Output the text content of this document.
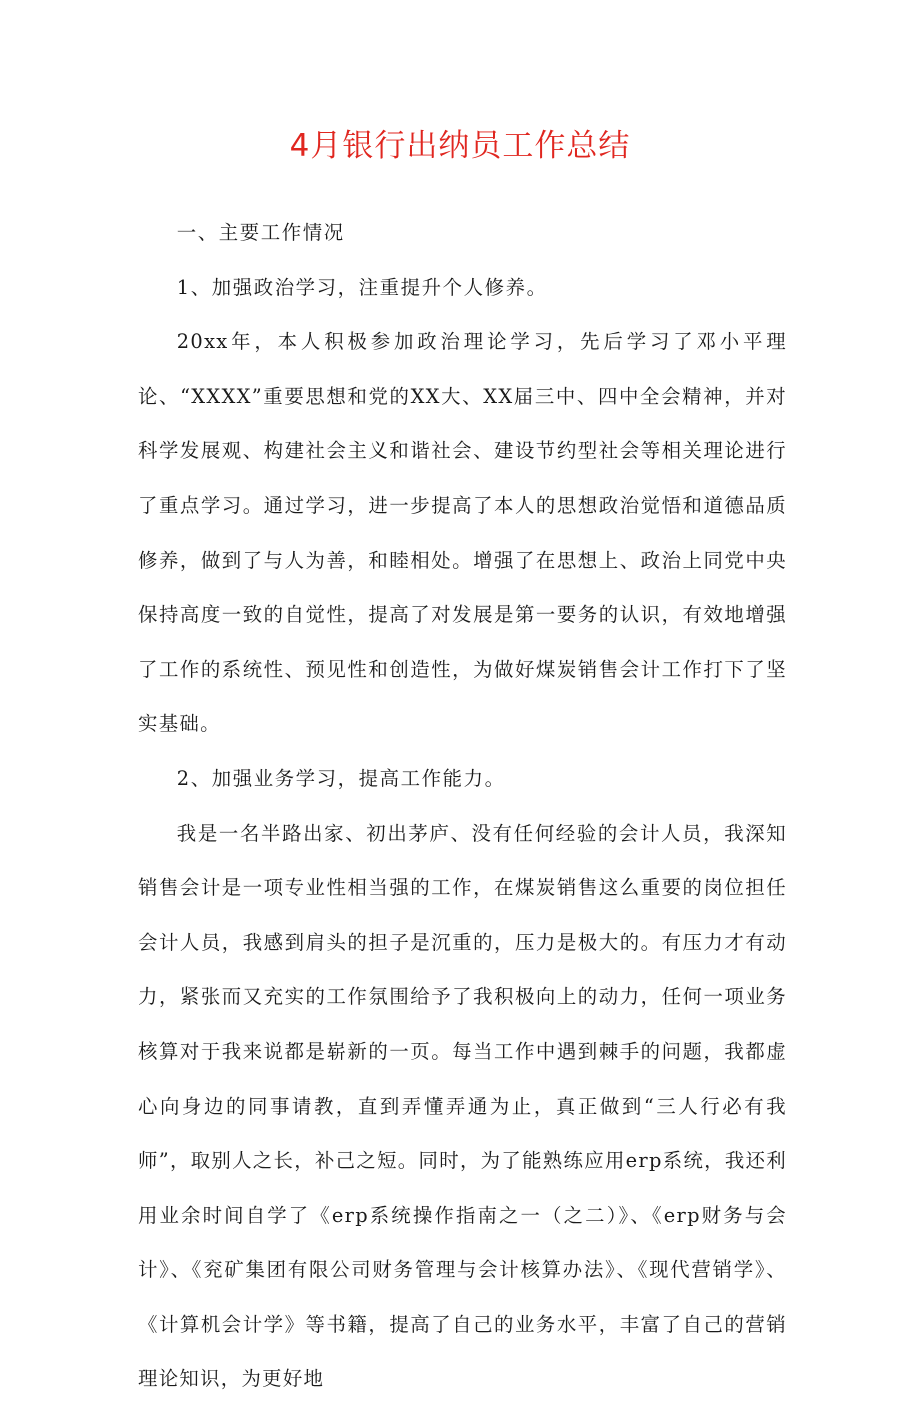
4月银行出纳员工作总结

一、主要工作情况

1、加强政治学习，注重提升个人修养。

20xx年，本人积极参加政治理论学习，先后学习了邓小平理论、“XXXX”重要思想和党的XX大、XX届三中、四中全会精神，并对科学发展观、构建社会主义和谐社会、建设节约型社会等相关理论进行了重点学习。通过学习，进一步提高了本人的思想政治觉悟和道德品质修养，做到了与人为善，和睦相处。增强了在思想上、政治上同党中央保持高度一致的自觉性，提高了对发展是第一要务的认识，有效地增强了工作的系统性、预见性和创造性，为做好煤炭销售会计工作打下了坚实基础。

2、加强业务学习，提高工作能力。

我是一名半路出家、初出茅庐、没有任何经验的会计人员，我深知销售会计是一项专业性相当强的工作，在煤炭销售这么重要的岗位担任会计人员，我感到肩头的担子是沉重的，压力是极大的。有压力才有动力，紧张而又充实的工作氛围给予了我积极向上的动力，任何一项业务核算对于我来说都是崭新的一页。每当工作中遇到棘手的问题，我都虚心向身边的同事请教，直到弄懂弄通为止，真正做到“三人行必有我师”，取别人之长，补己之短。同时，为了能熟练应用erp系统，我还利用业余时间自学了《erp系统操作指南之一（之二）》、《erp财务与会计》、《兖矿集团有限公司财务管理与会计核算办法》、《现代营销学》、《计算机会计学》等书籍，提高了自己的业务水平，丰富了自己的营销理论知识，为更好地
